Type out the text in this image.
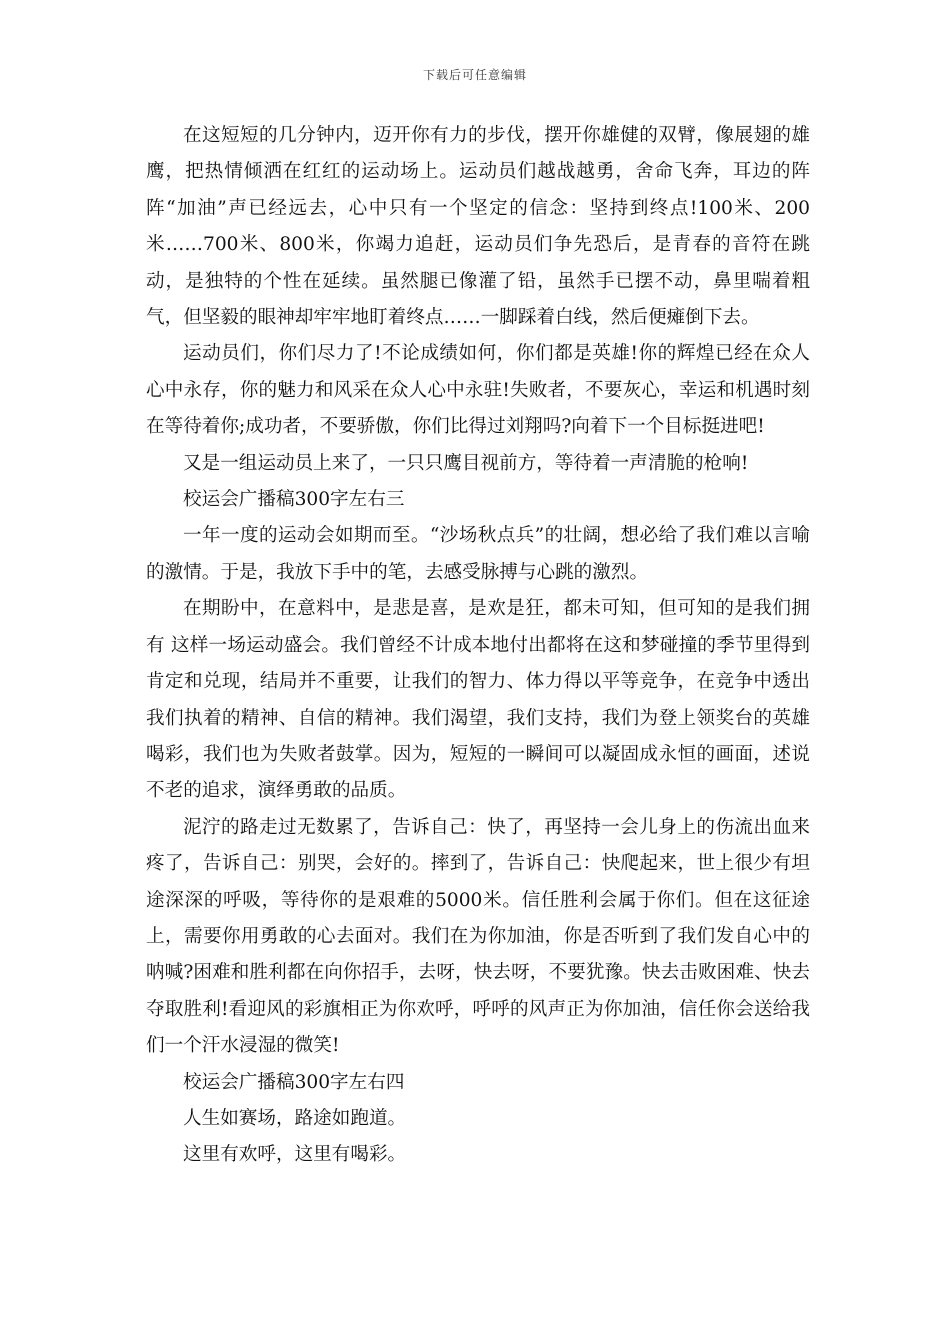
下载后可任意编辑

在这短短的几分钟内，迈开你有力的步伐，摆开你雄健的双臂，像展翅的雄鹰，把热情倾洒在红红的运动场上。运动员们越战越勇，舍命飞奔，耳边的阵阵“加油”声已经远去，心中只有一个坚定的信念：坚持到终点!100米、200米……700米、800米，你竭力追赶，运动员们争先恐后，是青春的音符在跳动，是独特的个性在延续。虽然腿已像灌了铅，虽然手已摆不动，鼻里喘着粗气，但坚毅的眼神却牢牢地盯着终点……一脚踩着白线，然后便瘫倒下去。

运动员们，你们尽力了!不论成绩如何，你们都是英雄!你的辉煌已经在众人心中永存，你的魅力和风采在众人心中永驻!失败者，不要灰心，幸运和机遇时刻在等待着你;成功者，不要骄傲，你们比得过刘翔吗?向着下一个目标挺进吧!

又是一组运动员上来了，一只只鹰目视前方，等待着一声清脆的枪响!

校运会广播稿300字左右三

一年一度的运动会如期而至。“沙场秋点兵”的壮阔，想必给了我们难以言喻的激情。于是，我放下手中的笔，去感受脉搏与心跳的激烈。

在期盼中，在意料中，是悲是喜，是欢是狂，都未可知，但可知的是我们拥有 这样一场运动盛会。我们曾经不计成本地付出都将在这和梦碰撞的季节里得到肯定和兑现，结局并不重要，让我们的智力、体力得以平等竞争，在竞争中透出我们执着的精神、自信的精神。我们渴望，我们支持，我们为登上领奖台的英雄喝彩，我们也为失败者鼓掌。因为，短短的一瞬间可以凝固成永恒的画面，述说不老的追求，演绎勇敢的品质。

泥泞的路走过无数累了，告诉自己：快了，再坚持一会儿身上的伤流出血来疼了，告诉自己：别哭，会好的。摔到了，告诉自己：快爬起来，世上很少有坦途深深的呼吸，等待你的是艰难的5000米。信任胜利会属于你们。但在这征途上，需要你用勇敢的心去面对。我们在为你加油，你是否听到了我们发自心中的呐喊?困难和胜利都在向你招手，去呀，快去呀，不要犹豫。快去击败困难、快去夺取胜利!看迎风的彩旗相正为你欢呼，呼呼的风声正为你加油，信任你会送给我们一个汗水浸湿的微笑!

校运会广播稿300字左右四

人生如赛场，路途如跑道。

这里有欢呼，这里有喝彩。
